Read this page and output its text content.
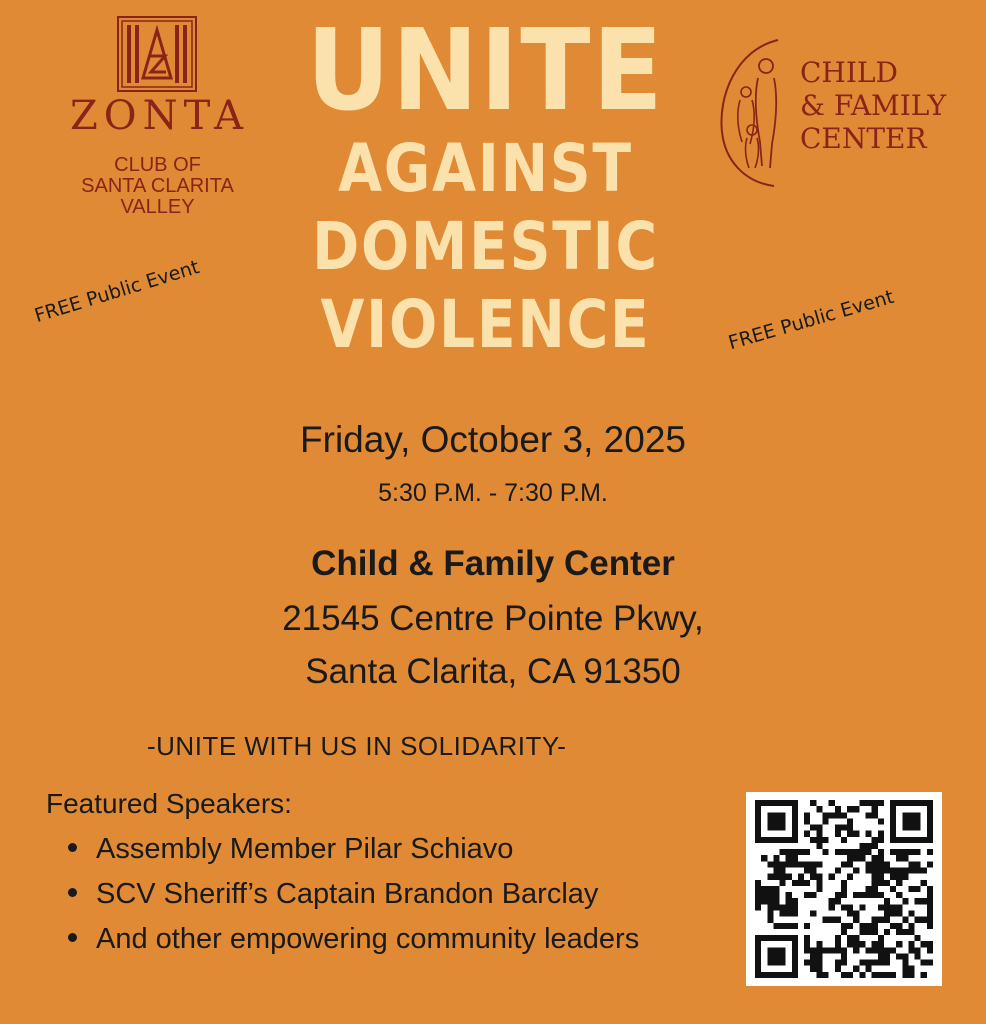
ZONTA
CLUB OF
SANTA CLARITA
VALLEY
UNITE
AGAINST
DOMESTIC
VIOLENCE
CHILD
& FAMILY
CENTER
FREE Public Event	FREE Public Event
Friday, October 3, 2025
5:30 P.M. - 7:30 P.M.
Child & Family Center
21545 Centre Pointe Pkwy,
Santa Clarita, CA 91350
-UNITE WITH US IN SOLIDARITY-
Featured Speakers:
Assembly Member Pilar Schiavo
SCV Sheriff’s Captain Brandon Barclay
And other empowering community leaders
